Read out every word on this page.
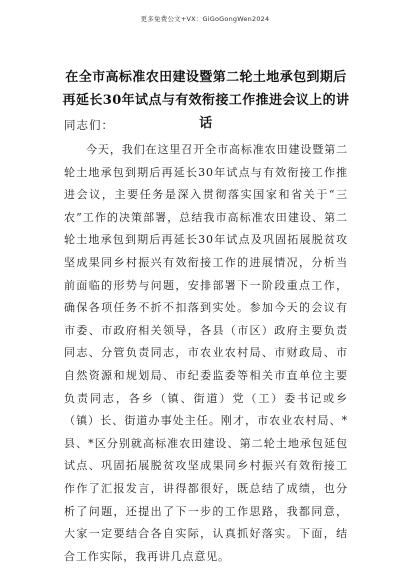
更多免费公文+VX：GiGoGongWen2024
在全市高标准农田建设暨第二轮土地承包到期后再延长30年试点与有效衔接工作推进会议上的讲话
同志们：

今天，我们在这里召开全市高标准农田建设暨第二轮土地承包到期后再延长30年试点与有效衔接工作推进会议，主要任务是深入贯彻落实国家和省关于“三农”工作的决策部署，总结我市高标准农田建设、第二轮土地承包到期后再延长30年试点及巩固拓展脱贫攻坚成果同乡村振兴有效衔接工作的进展情况，分析当前面临的形势与问题，安排部署下一阶段重点工作，确保各项任务不折不扣落到实处。参加今天的会议有市委、市政府相关领导，各县（市区）政府主要负责同志、分管负责同志，市农业农村局、市财政局、市自然资源和规划局、市纪委监委等相关市直单位主要负责同志，各乡（镇、街道）党（工）委书记或乡（镇）长、街道办事处主任。刚才，市农业农村局、*县、*区分别就高标准农田建设、第二轮土地承包延包试点、巩固拓展脱贫攻坚成果同乡村振兴有效衔接工作作了汇报发言，讲得都很好，既总结了成绩，也分析了问题，还提出了下一步的工作思路，我都同意，大家一定要结合各自实际，认真抓好落实。下面，结合工作实际，我再讲几点意见。
